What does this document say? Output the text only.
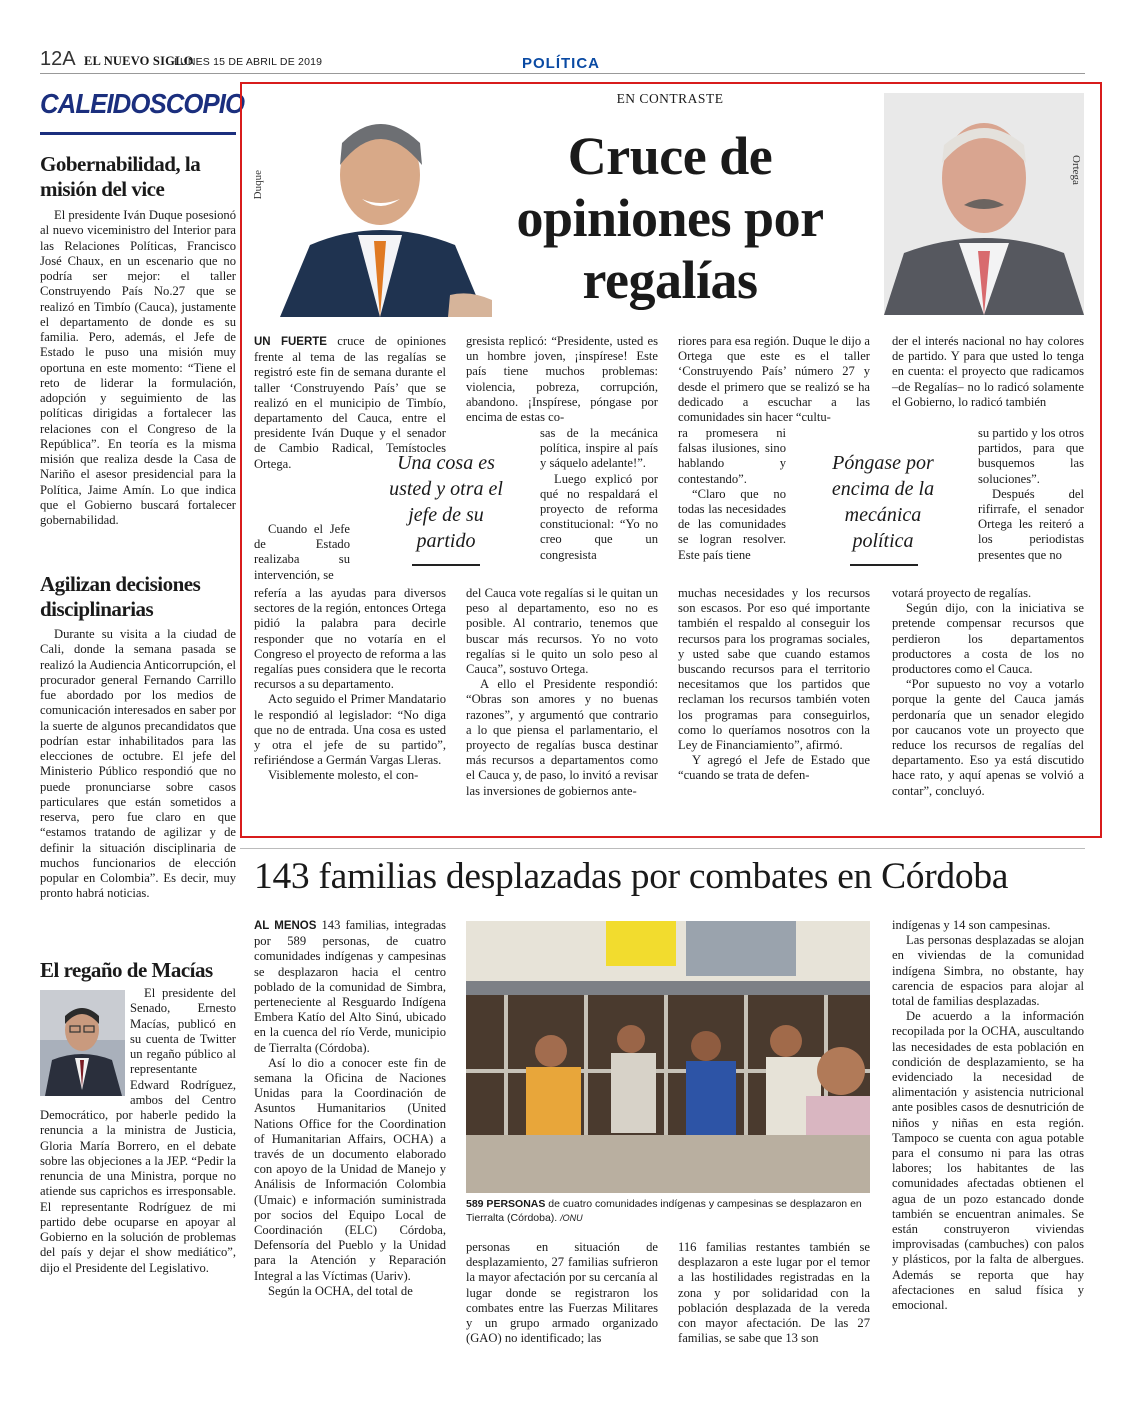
12A EL NUEVO SIGLO
LUNES 15 DE ABRIL DE 2019	POLÍTICA
CALEIDOSCOPIO
Gobernabilidad, la misión del vice

El presidente Iván Duque posesionó al nuevo viceministro del Interior para las Relaciones Políticas, Francisco José Chaux, en un escenario que no podría ser mejor: el taller Construyendo País No.27 que se realizó en Timbío (Cauca), justamente el departamento de donde es su familia. Pero, además, el Jefe de Estado le puso una misión muy oportuna en este momento: “Tiene el reto de liderar la formulación, adopción y seguimiento de las políticas dirigidas a fortalecer las relaciones con el Congreso de la República”. En teoría es la misma misión que realiza desde la Casa de Nariño el asesor presidencial para la Política, Jaime Amín. Lo que indica que el Gobierno buscará fortalecer gobernabilidad.

Agilizan decisiones disciplinarias

Durante su visita a la ciudad de Cali, donde la semana pasada se realizó la Audiencia Anticorrupción, el procurador general Fernando Carrillo fue abordado por los medios de comunicación interesados en saber por la suerte de algunos precandidatos que podrían estar inhabilitados para las elecciones de octubre. El jefe del Ministerio Público respondió que no puede pronunciarse sobre casos particulares que están sometidos a reserva, pero fue claro en que “estamos tratando de agilizar y de definir la situación disciplinaria de muchos funcionarios de elección popular en Colombia”. Es decir, muy pronto habrá noticias.

El regaño de Macías

El presidente del Senado, Ernesto Macías, publicó en su cuenta de Twitter un regaño público al representante Edward Rodríguez, ambos del Centro Democrático, por haberle pedido la renuncia a la ministra de Justicia, Gloria María Borrero, en el debate sobre las objeciones a la JEP. “Pedir la renuncia de una Ministra, porque no atiende sus caprichos es irresponsable. El representante Rodríguez de mi partido debe ocuparse en apoyar al Gobierno en la solución de problemas del país y dejar el show mediático”, dijo el Presidente del Legislativo.

EN CONTRASTE
Cruce de opiniones por regalías
Duque	Ortega

UN FUERTE cruce de opiniones frente al tema de las regalías se registró este fin de semana durante el taller ‘Construyendo País’ que se realizó en el municipio de Timbío, departamento del Cauca, entre el presidente Iván Duque y el senador de Cambio Radical, Temístocles Ortega.

Cuando el Jefe de Estado realizaba su intervención, se

refería a las ayudas para diversos sectores de la región, entonces Ortega pidió la palabra para decirle responder que no votaría en el Congreso el proyecto de reforma a las regalías pues considera que le recorta recursos a su departamento.

Acto seguido el Primer Mandatario le respondió al legislador: “No diga que no de entrada. Una cosa es usted y otra el jefe de su partido”, refiriéndose a Germán Vargas Lleras.

Visiblemente molesto, el con-

Una cosa es usted y otra el jefe de su partido

gresista replicó: “Presidente, usted es un hombre joven, ¡inspírese! Este país tiene muchos problemas: violencia, pobreza, corrupción, abandono. ¡Inspírese, póngase por encima de estas co-

sas de la mecánica política, inspire al país y sáquelo adelante!”.

Luego explicó por qué no respaldará el proyecto de reforma constitucional: “Yo no creo que un congresista

del Cauca vote regalías si le quitan un peso al departamento, eso no es posible. Al contrario, tenemos que buscar más recursos. Yo no voto regalías si le quito un solo peso al Cauca”, sostuvo Ortega.

A ello el Presidente respondió: “Obras son amores y no buenas razones”, y argumentó que contrario a lo que piensa el parlamentario, el proyecto de regalías busca destinar más recursos a departamentos como el Cauca y, de paso, lo invitó a revisar las inversiones de gobiernos ante-

riores para esa región. Duque le dijo a Ortega que este es el taller ‘Construyendo País’ número 27 y desde el primero que se realizó se ha dedicado a escuchar a las comunidades sin hacer “cultu-

ra promesera ni falsas ilusiones, sino hablando y contestando”.

“Claro que no todas las necesidades de las comunidades se logran resolver. Este país tiene

muchas necesidades y los recursos son escasos. Por eso qué importante también el respaldo al conseguir los recursos para los programas sociales, y usted sabe que cuando estamos buscando recursos para el territorio necesitamos que los partidos que reclaman los recursos también voten los programas para conseguirlos, como lo queríamos nosotros con la Ley de Financiamiento”, afirmó.

Y agregó el Jefe de Estado que “cuando se trata de defen-

Póngase por encima de la mecánica política

der el interés nacional no hay colores de partido. Y para que usted lo tenga en cuenta: el proyecto que radicamos –de Regalías– no lo radicó solamente el Gobierno, lo radicó también

su partido y los otros partidos, para que busquemos las soluciones”.

Después del rifirrafe, el senador Ortega les reiteró a los periodistas presentes que no

votará proyecto de regalías.

Según dijo, con la iniciativa se pretende compensar recursos que perdieron los departamentos productores a costa de los no productores como el Cauca.

“Por supuesto no voy a votarlo porque la gente del Cauca jamás perdonaría que un senador elegido por caucanos vote un proyecto que reduce los recursos de regalías del departamento. Eso ya está discutido hace rato, y aquí apenas se volvió a contar”, concluyó.

143 familias desplazadas por combates en Córdoba

AL MENOS 143 familias, integradas por 589 personas, de cuatro comunidades indígenas y campesinas se desplazaron hacia el centro poblado de la comunidad de Simbra, perteneciente al Resguardo Indígena Embera Katío del Alto Sinú, ubicado en la cuenca del río Verde, municipio de Tierralta (Córdoba).

Así lo dio a conocer este fin de semana la Oficina de Naciones Unidas para la Coordinación de Asuntos Humanitarios (United Nations Office for the Coordination of Humanitarian Affairs, OCHA) a través de un documento elaborado con apoyo de la Unidad de Manejo y Análisis de Información Colombia (Umaic) e información suministrada por socios del Equipo Local de Coordinación (ELC) Córdoba, Defensoría del Pueblo y la Unidad para la Atención y Reparación Integral a las Víctimas (Uariv).

Según la OCHA, del total de

589 PERSONAS de cuatro comunidades indígenas y campesinas se desplazaron en Tierralta (Córdoba). /ONU

personas en situación de desplazamiento, 27 familias sufrieron la mayor afectación por su cercanía al lugar donde se registraron los combates entre las Fuerzas Militares y un grupo armado organizado (GAO) no identificado; las

116 familias restantes también se desplazaron a este lugar por el temor a las hostilidades registradas en la zona y por solidaridad con la población desplazada de la vereda con mayor afectación. De las 27 familias, se sabe que 13 son

indígenas y 14 son campesinas.

Las personas desplazadas se alojan en viviendas de la comunidad indígena Simbra, no obstante, hay carencia de espacios para alojar al total de familias desplazadas.

De acuerdo a la información recopilada por la OCHA, auscultando las necesidades de esta población en condición de desplazamiento, se ha evidenciado la necesidad de alimentación y asistencia nutricional ante posibles casos de desnutrición de niños y niñas en esta región. Tampoco se cuenta con agua potable para el consumo ni para las otras labores; los habitantes de las comunidades afectadas obtienen el agua de un pozo estancado donde también se encuentran animales. Se están construyeron viviendas improvisadas (cambuches) con palos y plásticos, por la falta de albergues. Además se reporta que hay afectaciones en salud física y emocional.
